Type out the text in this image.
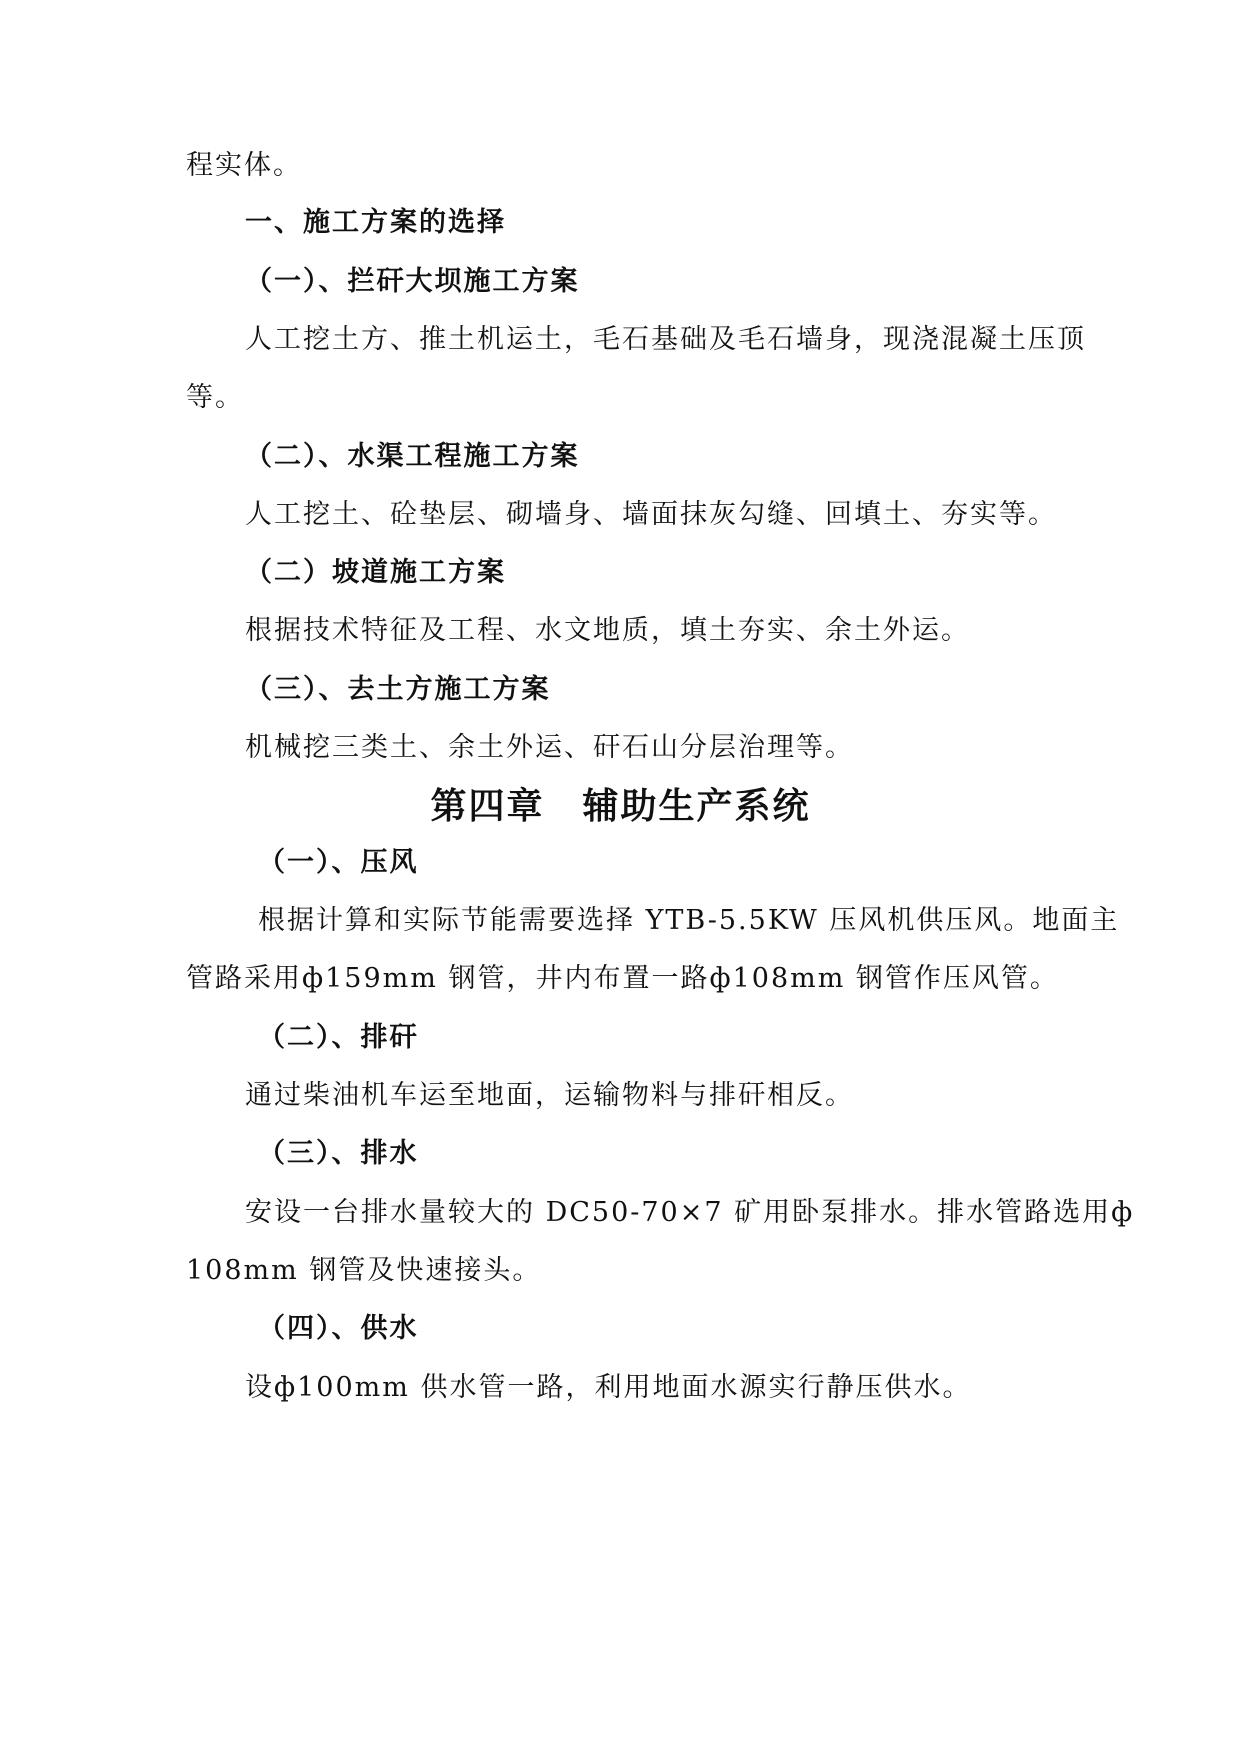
程实体。
一、施工方案的选择
（一）、拦矸大坝施工方案
人工挖土方、推土机运土，毛石基础及毛石墙身，现浇混凝土压顶
等。
（二）、水渠工程施工方案
人工挖土、砼垫层、砌墙身、墙面抹灰勾缝、回填土、夯实等。
（二）坡道施工方案
根据技术特征及工程、水文地质，填土夯实、余土外运。
（三）、去土方施工方案
机械挖三类土、余土外运、矸石山分层治理等。
第四章　辅助生产系统
（一）、压风
根据计算和实际节能需要选择 YTB-5.5KW 压风机供压风。地面主
管路采用ф159mm 钢管，井内布置一路ф108mm 钢管作压风管。
（二）、排矸
通过柴油机车运至地面，运输物料与排矸相反。
（三）、排水
安设一台排水量较大的 DC50-70×7 矿用卧泵排水。排水管路选用ф
108mm 钢管及快速接头。
（四）、供水
设ф100mm 供水管一路，利用地面水源实行静压供水。
